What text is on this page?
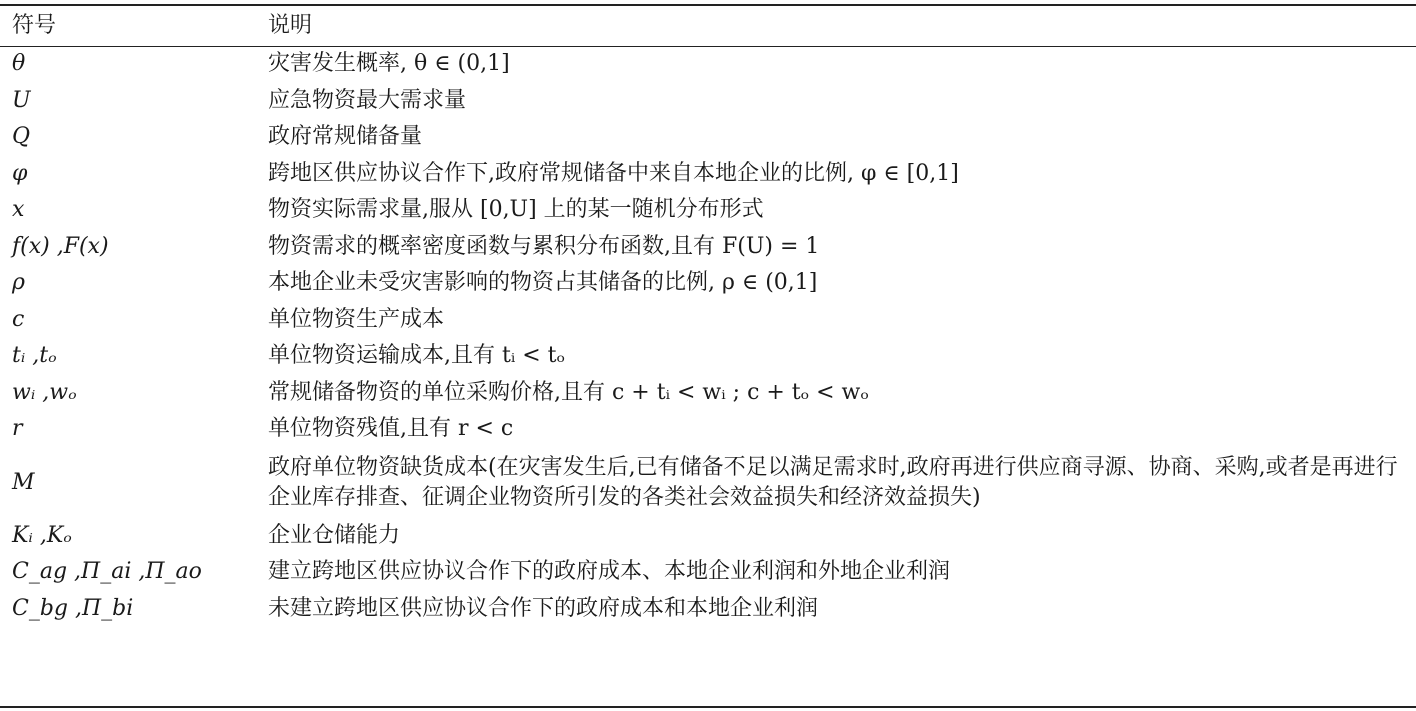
符号	说明
θ	灾害发生概率, θ ∈ (0,1]
U	应急物资最大需求量
Q	政府常规储备量
φ	跨地区供应协议合作下,政府常规储备中来自本地企业的比例, φ ∈ [0,1]
x	物资实际需求量,服从 [0,U] 上的某一随机分布形式
f(x) ,F(x)	物资需求的概率密度函数与累积分布函数,且有 F(U) = 1
ρ	本地企业未受灾害影响的物资占其储备的比例, ρ ∈ (0,1]
c	单位物资生产成本
tᵢ ,tₒ	单位物资运输成本,且有 tᵢ < tₒ
wᵢ ,wₒ	常规储备物资的单位采购价格,且有 c + tᵢ < wᵢ ; c + tₒ < wₒ
r	单位物资残值,且有 r < c
M	政府单位物资缺货成本(在灾害发生后,已有储备不足以满足需求时,政府再进行供应商寻源、协商、采购,或者是再进行企业库存排查、征调企业物资所引发的各类社会效益损失和经济效益损失)
Kᵢ ,Kₒ	企业仓储能力
C_ag ,Π_ai ,Π_ao	建立跨地区供应协议合作下的政府成本、本地企业利润和外地企业利润
C_bg ,Π_bi	未建立跨地区供应协议合作下的政府成本和本地企业利润
